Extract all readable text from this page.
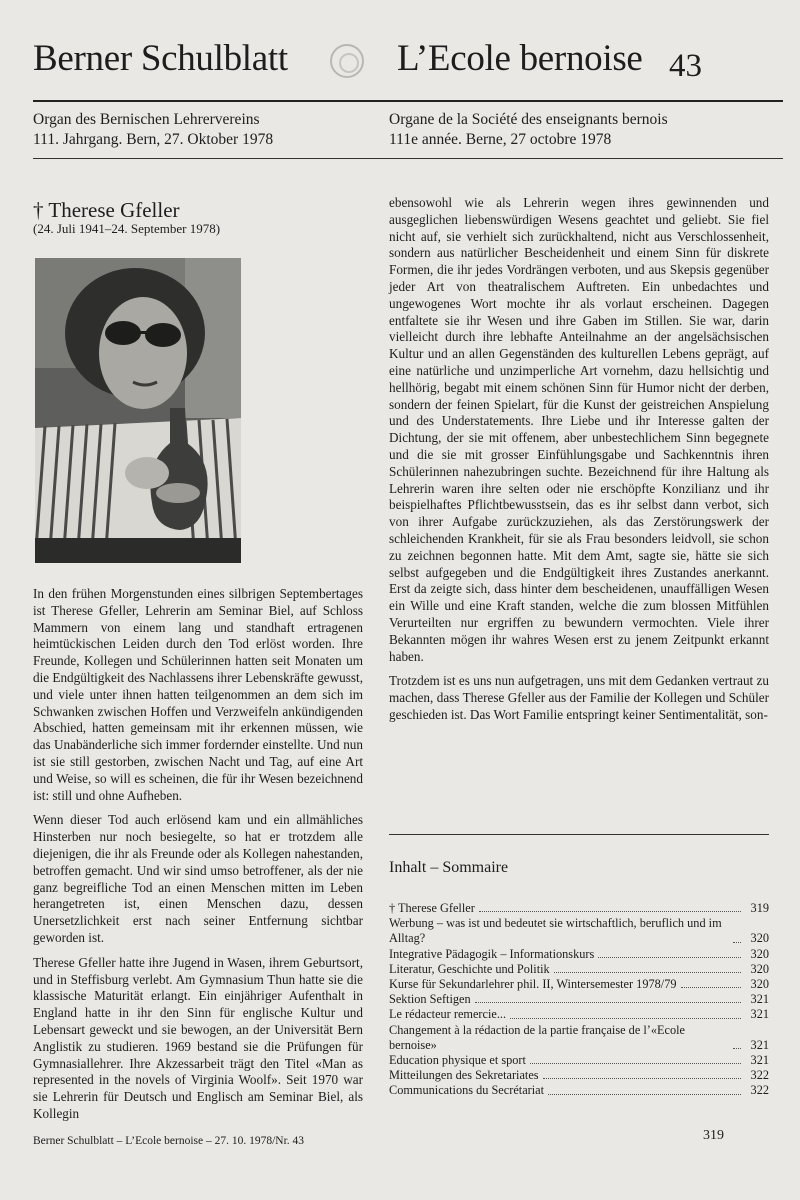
Berner Schulblatt	L’Ecole bernoise 43
Organ des Bernischen Lehrervereins
111. Jahrgang. Bern, 27. Oktober 1978
Organe de la Société des enseignants bernois
111e année. Berne, 27 octobre 1978
† Therese Gfeller
(24. Juli 1941–24. September 1978)

In den frühen Morgenstunden eines silbrigen Septembertages ist Therese Gfeller, Lehrerin am Seminar Biel, auf Schloss Mammern von einem lang und standhaft ertragenen heimtückischen Leiden durch den Tod erlöst worden. Ihre Freunde, Kollegen und Schülerinnen hatten seit Monaten um die Endgültigkeit des Nachlassens ihrer Lebenskräfte gewusst, und viele unter ihnen hatten teilgenommen an dem sich im Schwanken zwischen Hoffen und Verzweifeln ankündigenden Abschied, hatten gemeinsam mit ihr erkennen müssen, wie das Unabänderliche sich immer fordernder einstellte. Und nun ist sie still gestorben, zwischen Nacht und Tag, auf eine Art und Weise, so will es scheinen, die für ihr Wesen bezeichnend ist: still und ohne Aufheben.

Wenn dieser Tod auch erlösend kam und ein allmähliches Hinsterben nur noch besiegelte, so hat er trotzdem alle diejenigen, die ihr als Freunde oder als Kollegen nahestanden, betroffen gemacht. Und wir sind umso betroffener, als der nie ganz begreifliche Tod an einen Menschen mitten im Leben herangetreten ist, einen Menschen dazu, dessen Unersetzlichkeit erst nach seiner Entfernung sichtbar geworden ist.

Therese Gfeller hatte ihre Jugend in Wasen, ihrem Geburtsort, und in Steffisburg verlebt. Am Gymnasium Thun hatte sie die klassische Maturität erlangt. Ein einjähriger Aufenthalt in England hatte in ihr den Sinn für englische Kultur und Lebensart geweckt und sie bewogen, an der Universität Bern Anglistik zu studieren. 1969 bestand sie die Prüfungen für Gymnasiallehrer. Ihre Akzessarbeit trägt den Titel «Man as represented in the novels of Virginia Woolf». Seit 1970 war sie Lehrerin für Deutsch und Englisch am Seminar Biel, als Kollegin

ebensowohl wie als Lehrerin wegen ihres gewinnenden und ausgeglichen liebenswürdigen Wesens geachtet und geliebt. Sie fiel nicht auf, sie verhielt sich zurückhaltend, nicht aus Verschlossenheit, sondern aus natürlicher Bescheidenheit und einem Sinn für diskrete Formen, die ihr jedes Vordrängen verboten, und aus Skepsis gegenüber jeder Art von theatralischem Auftreten. Ein unbedachtes und ungewogenes Wort mochte ihr als vorlaut erscheinen. Dagegen entfaltete sie ihr Wesen und ihre Gaben im Stillen. Sie war, darin vielleicht durch ihre lebhafte Anteilnahme an der angelsächsischen Kultur und an allen Gegenständen des kulturellen Lebens geprägt, auf eine natürliche und unzimperliche Art vornehm, dazu hellsichtig und hellhörig, begabt mit einem schönen Sinn für Humor nicht der derben, sondern der feinen Spielart, für die Kunst der geistreichen Anspielung und des Understatements. Ihre Liebe und ihr Interesse galten der Dichtung, der sie mit offenem, aber unbestechlichem Sinn begegnete und die sie mit grosser Einfühlungsgabe und Sachkenntnis ihren Schülerinnen nahezubringen suchte. Bezeichnend für ihre Haltung als Lehrerin waren ihre selten oder nie erschöpfte Konzilianz und ihr beispielhaftes Pflichtbewusstsein, das es ihr selbst dann verbot, sich von ihrer Aufgabe zurückzuziehen, als das Zerstörungswerk der schleichenden Krankheit, für sie als Frau besonders leidvoll, sie schon zu zeichnen begonnen hatte. Mit dem Amt, sagte sie, hätte sie sich selbst aufgegeben und die Endgültigkeit ihres Zustandes anerkannt. Erst da zeigte sich, dass hinter dem bescheidenen, unauffälligen Wesen ein Wille und eine Kraft standen, welche die zum blossen Mitfühlen Verurteilten nur ergriffen zu bewundern vermochten. Viele ihrer Bekannten mögen ihr wahres Wesen erst zu jenem Zeitpunkt erkannt haben.

Trotzdem ist es uns nun aufgetragen, uns mit dem Gedanken vertraut zu machen, dass Therese Gfeller aus der Familie der Kollegen und Schüler geschieden ist. Das Wort Familie entspringt keiner Sentimentalität, son-

Inhalt – Sommaire
† Therese Gfeller	319
Werbung – was ist und bedeutet sie wirtschaftlich, beruflich und im Alltag?	320
Integrative Pädagogik – Informationskurs	320
Literatur, Geschichte und Politik	320
Kurse für Sekundarlehrer phil. II, Wintersemester 1978/79	320
Sektion Seftigen	321
Le rédacteur remercie...	321
Changement à la rédaction de la partie française de l’«Ecole bernoise»	321
Education physique et sport	321
Mitteilungen des Sekretariates	322
Communications du Secrétariat	322
Berner Schulblatt – L’Ecole bernoise – 27. 10. 1978/Nr. 43	319
